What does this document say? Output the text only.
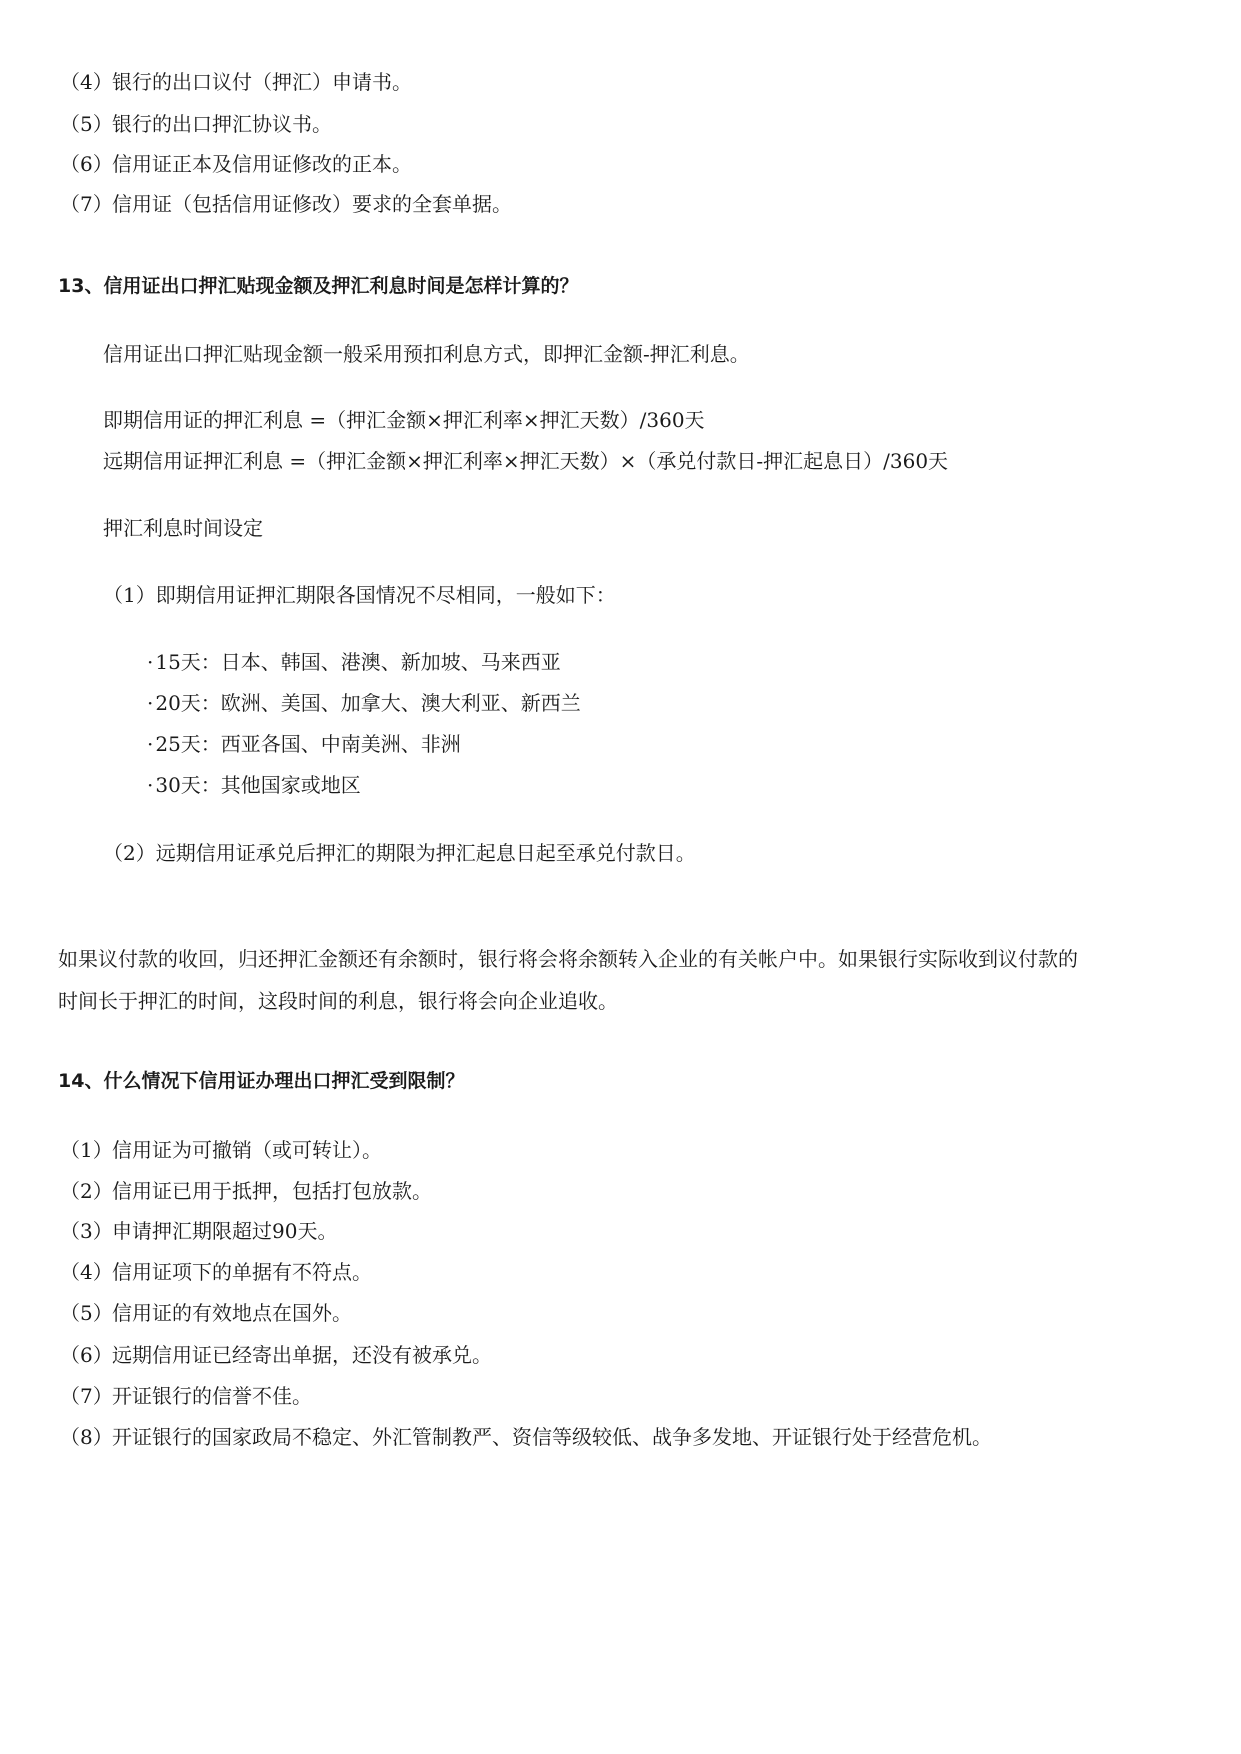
（4）银行的出口议付（押汇）申请书。
（5）银行的出口押汇协议书。
（6）信用证正本及信用证修改的正本。
（7）信用证（包括信用证修改）要求的全套单据。
13、信用证出口押汇贴现金额及押汇利息时间是怎样计算的？
信用证出口押汇贴现金额一般采用预扣利息方式，即押汇金额-押汇利息。
即期信用证的押汇利息 =（押汇金额×押汇利率×押汇天数）/360天
远期信用证押汇利息 =（押汇金额×押汇利率×押汇天数）×（承兑付款日-押汇起息日）/360天
押汇利息时间设定
（1）即期信用证押汇期限各国情况不尽相同，一般如下：
· 15天：日本、韩国、港澳、新加坡、马来西亚
· 20天：欧洲、美国、加拿大、澳大利亚、新西兰
· 25天：西亚各国、中南美洲、非洲
· 30天：其他国家或地区
（2）远期信用证承兑后押汇的期限为押汇起息日起至承兑付款日。
如果议付款的收回，归还押汇金额还有余额时，银行将会将余额转入企业的有关帐户中。如果银行实际收到议付款的
时间长于押汇的时间，这段时间的利息，银行将会向企业追收。
14、什么情况下信用证办理出口押汇受到限制？
（1）信用证为可撤销（或可转让）。
（2）信用证已用于抵押，包括打包放款。
（3）申请押汇期限超过90天。
（4）信用证项下的单据有不符点。
（5）信用证的有效地点在国外。
（6）远期信用证已经寄出单据，还没有被承兑。
（7）开证银行的信誉不佳。
（8）开证银行的国家政局不稳定、外汇管制教严、资信等级较低、战争多发地、开证银行处于经营危机。
